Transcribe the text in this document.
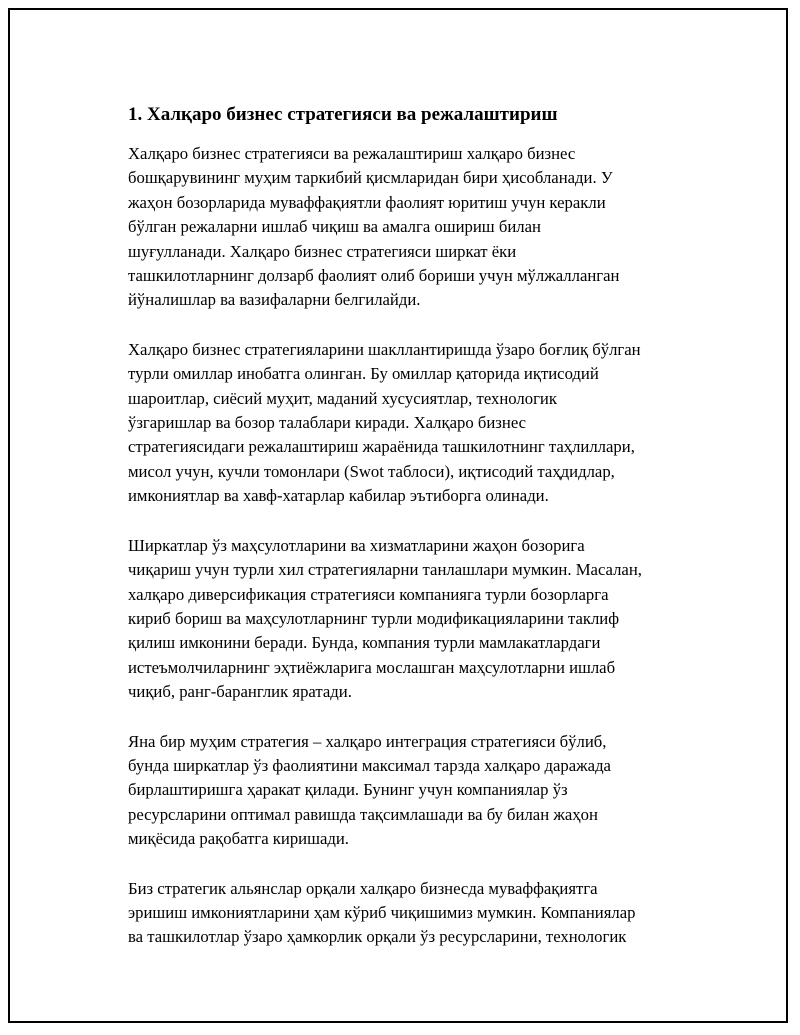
1. Халқаро бизнес стратегияси ва режалаштириш

Халқаро бизнес стратегияси ва режалаштириш халқаро бизнес
бошқарувининг муҳим таркибий қисмларидан бири ҳисобланади. У
жаҳон бозорларида муваффақиятли фаолият юритиш учун керакли
бўлган режаларни ишлаб чиқиш ва амалга ошириш билан
шуғулланади. Халқаро бизнес стратегияси ширкат ёки
ташкилотларнинг долзарб фаолият олиб бориши учун мўлжалланган
йўналишлар ва вазифаларни белгилайди.

Халқаро бизнес стратегияларини шакллантиришда ўзаро боғлиқ бўлган
турли омиллар инобатга олинган. Бу омиллар қаторида иқтисодий
шароитлар, сиёсий муҳит, маданий хусусиятлар, технологик
ўзгаришлар ва бозор талаблари киради. Халқаро бизнес
стратегиясидаги режалаштириш жараёнида ташкилотнинг таҳлиллари,
мисол учун, кучли томонлари (Swot таблоси), иқтисодий таҳдидлар,
имкониятлар ва хавф-хатарлар кабилар эътиборга олинади.

Ширкатлар ўз маҳсулотларини ва хизматларини жаҳон бозорига
чиқариш учун турли хил стратегияларни танлашлари мумкин. Масалан,
халқаро диверсификация стратегияси компанияга турли бозорларга
кириб бориш ва маҳсулотларнинг турли модификацияларини таклиф
қилиш имконини беради. Бунда, компания турли мамлакатлардаги
истеъмолчиларнинг эҳтиёжларига мослашган маҳсулотларни ишлаб
чиқиб, ранг-баранглик яратади.

Яна бир муҳим стратегия – халқаро интеграция стратегияси бўлиб,
бунда ширкатлар ўз фаолиятини максимал тарзда халқаро даражада
бирлаштиришга ҳаракат қилади. Бунинг учун компаниялар ўз
ресурсларини оптимал равишда тақсимлашади ва бу билан жаҳон
миқёсида рақобатга киришади.

Биз стратегик альянслар орқали халқаро бизнесда муваффақиятга
эришиш имкониятларини ҳам кўриб чиқишимиз мумкин. Компаниялар
ва ташкилотлар ўзаро ҳамкорлик орқали ўз ресурсларини, технологик
